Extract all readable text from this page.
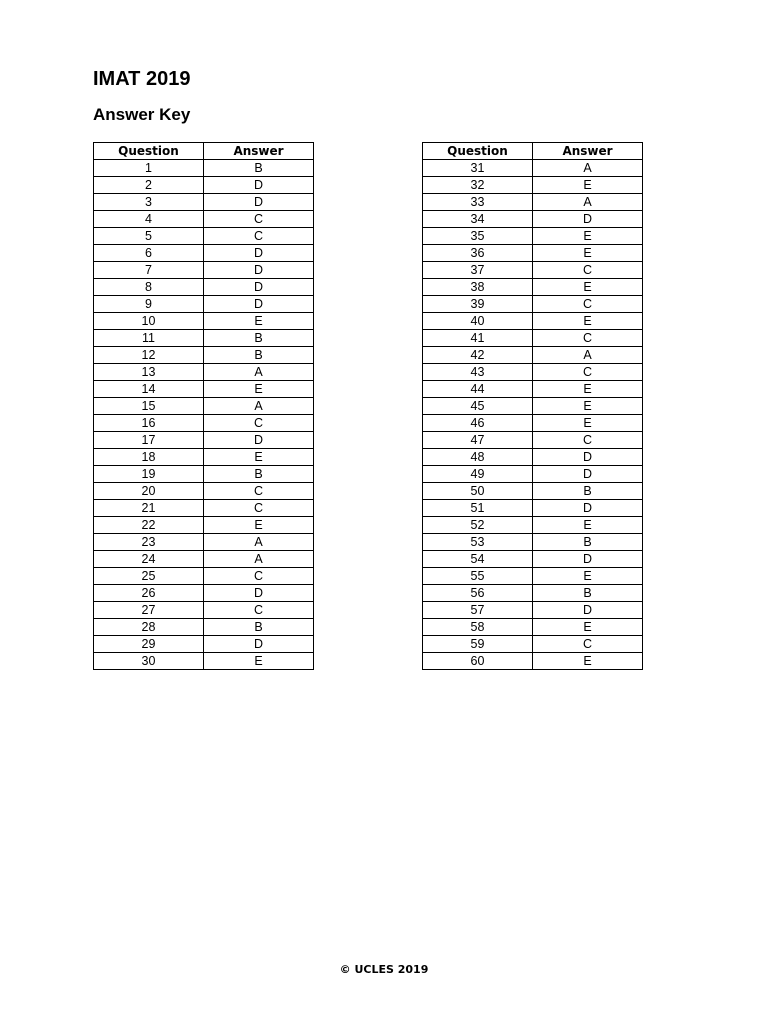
IMAT 2019
Answer Key
Question	Answer
1	B
2	D
3	D
4	C
5	C
6	D
7	D
8	D
9	D
10	E
11	B
12	B
13	A
14	E
15	A
16	C
17	D
18	E
19	B
20	C
21	C
22	E
23	A
24	A
25	C
26	D
27	C
28	B
29	D
30	E
Question	Answer
31	A
32	E
33	A
34	D
35	E
36	E
37	C
38	E
39	C
40	E
41	C
42	A
43	C
44	E
45	E
46	E
47	C
48	D
49	D
50	B
51	D
52	E
53	B
54	D
55	E
56	B
57	D
58	E
59	C
60	E
© UCLES 2019
